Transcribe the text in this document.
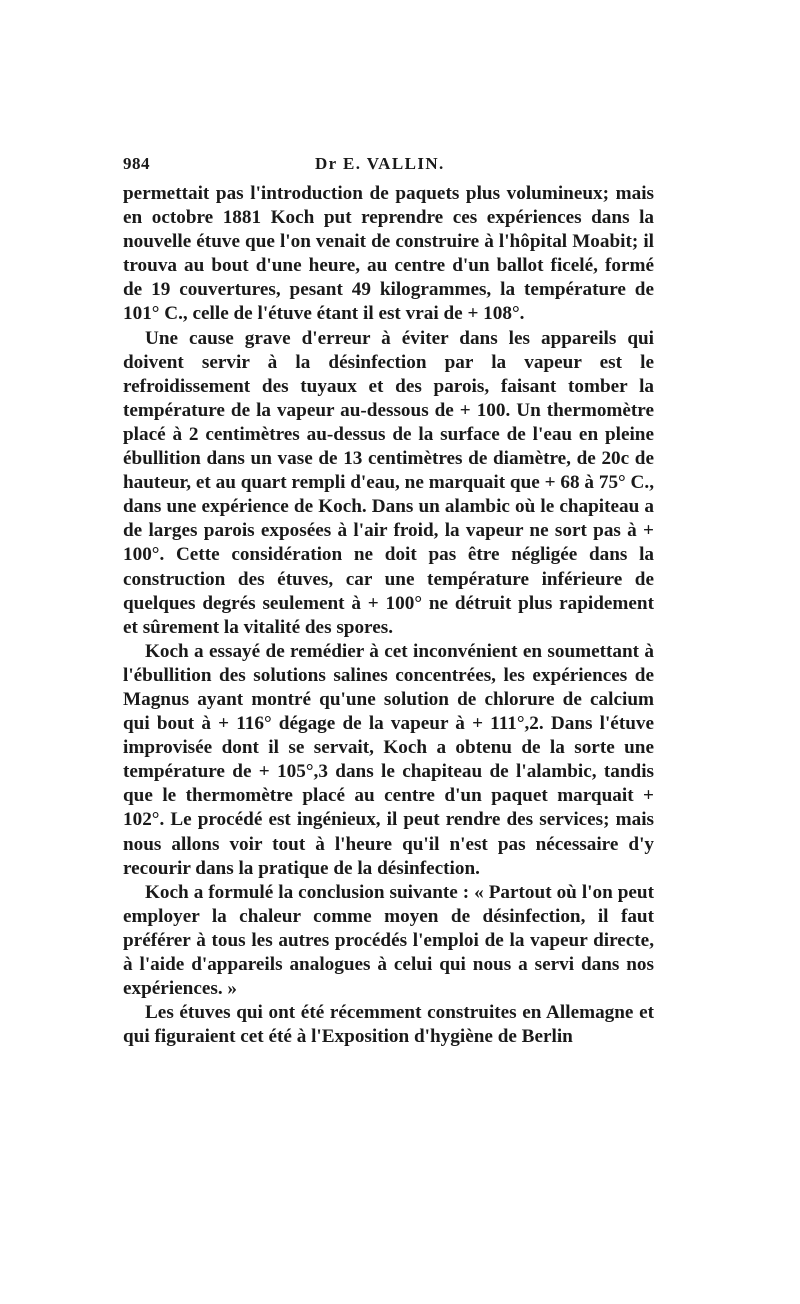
984	Dr E. VALLIN.

permettait pas l'introduction de paquets plus volumineux; mais en octobre 1881 Koch put reprendre ces expériences dans la nouvelle étuve que l'on venait de construire à l'hôpital Moabit; il trouva au bout d'une heure, au centre d'un ballot ficelé, formé de 19 couvertures, pesant 49 kilogrammes, la température de 101° C., celle de l'étuve étant il est vrai de + 108°.

Une cause grave d'erreur à éviter dans les appareils qui doivent servir à la désinfection par la vapeur est le refroidissement des tuyaux et des parois, faisant tomber la température de la vapeur au-dessous de + 100. Un thermomètre placé à 2 centimètres au-dessus de la surface de l'eau en pleine ébullition dans un vase de 13 centimètres de diamètre, de 20c de hauteur, et au quart rempli d'eau, ne marquait que + 68 à 75° C., dans une expérience de Koch. Dans un alambic où le chapiteau a de larges parois exposées à l'air froid, la vapeur ne sort pas à + 100°. Cette considération ne doit pas être négligée dans la construction des étuves, car une température inférieure de quelques degrés seulement à + 100° ne détruit plus rapidement et sûrement la vitalité des spores.

Koch a essayé de remédier à cet inconvénient en soumettant à l'ébullition des solutions salines concentrées, les expériences de Magnus ayant montré qu'une solution de chlorure de calcium qui bout à + 116° dégage de la vapeur à + 111°,2. Dans l'étuve improvisée dont il se servait, Koch a obtenu de la sorte une température de + 105°,3 dans le chapiteau de l'alambic, tandis que le thermomètre placé au centre d'un paquet marquait + 102°. Le procédé est ingénieux, il peut rendre des services; mais nous allons voir tout à l'heure qu'il n'est pas nécessaire d'y recourir dans la pratique de la désinfection.

Koch a formulé la conclusion suivante : « Partout où l'on peut employer la chaleur comme moyen de désinfection, il faut préférer à tous les autres procédés l'emploi de la vapeur directe, à l'aide d'appareils analogues à celui qui nous a servi dans nos expériences. »

Les étuves qui ont été récemment construites en Allemagne et qui figuraient cet été à l'Exposition d'hygiène de Berlin
